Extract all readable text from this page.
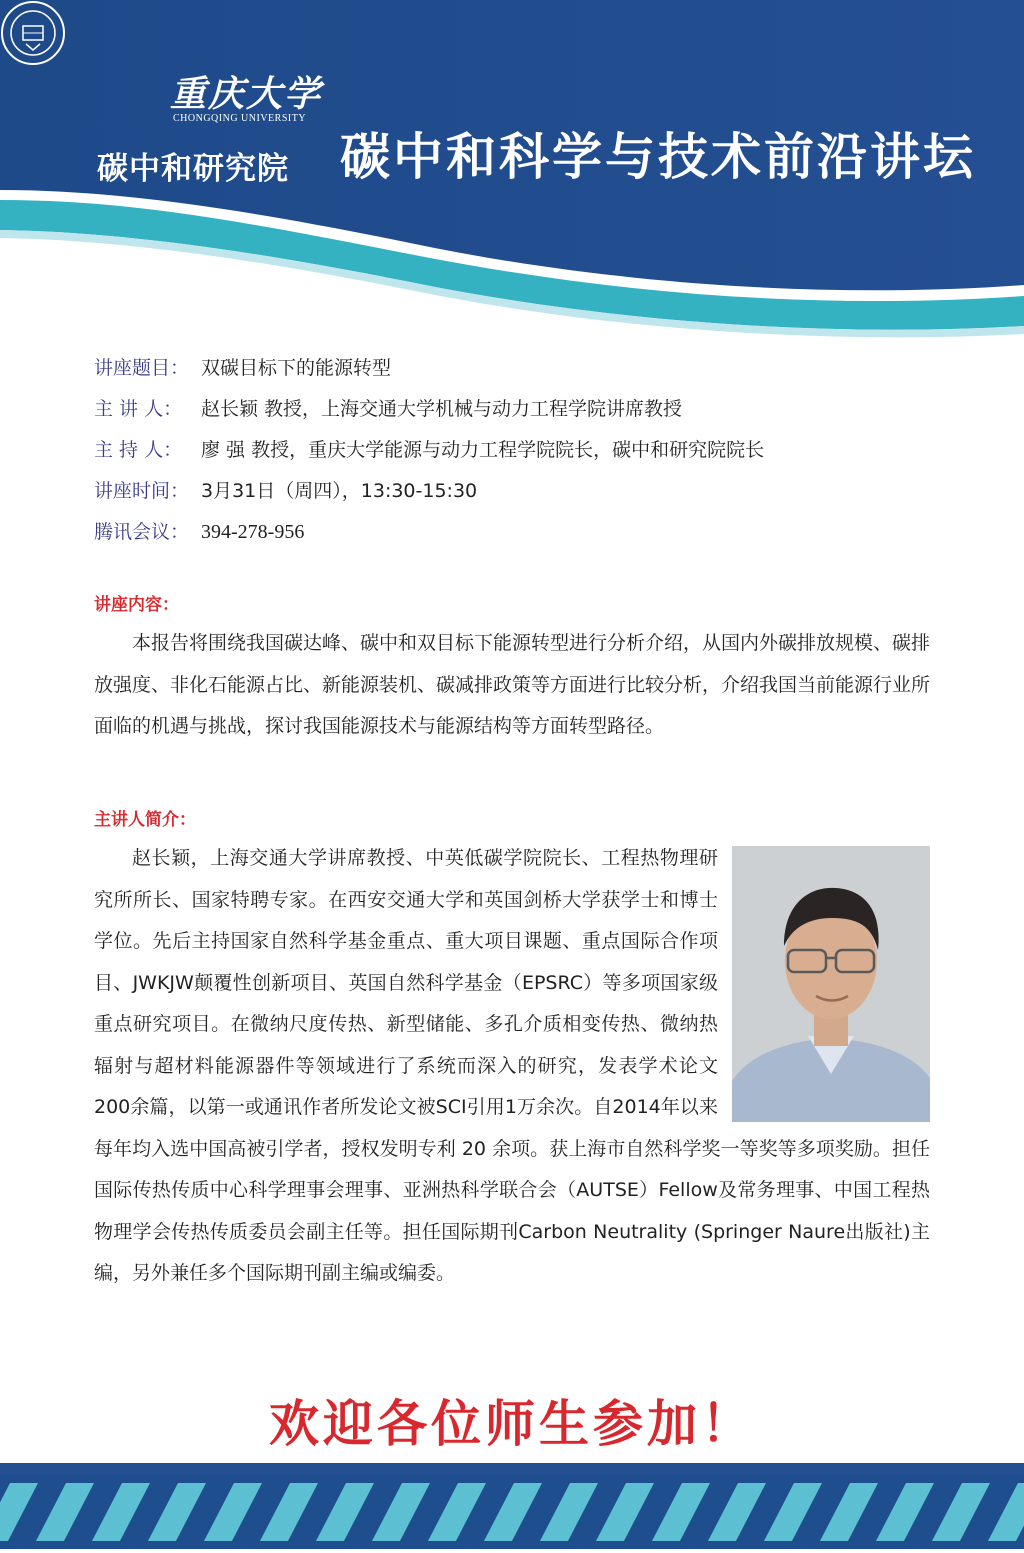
重庆大学
CHONGQING UNIVERSITY
碳中和研究院 碳中和科学与技术前沿讲坛
讲座题目： 双碳目标下的能源转型
主 讲 人： 赵长颖 教授，上海交通大学机械与动力工程学院讲席教授
主 持 人： 廖 强 教授，重庆大学能源与动力工程学院院长，碳中和研究院院长
讲座时间： 3月31日（周四），13:30-15:30
腾讯会议： 394-278-956
讲座内容：
本报告将围绕我国碳达峰、碳中和双目标下能源转型进行分析介绍，从国内外碳排放规模、碳排放强度、非化石能源占比、新能源装机、碳减排政策等方面进行比较分析，介绍我国当前能源行业所面临的机遇与挑战，探讨我国能源技术与能源结构等方面转型路径。
主讲人简介：
赵长颖，上海交通大学讲席教授、中英低碳学院院长、工程热物理研究所所长、国家特聘专家。在西安交通大学和英国剑桥大学获学士和博士学位。先后主持国家自然科学基金重点、重大项目课题、重点国际合作项目、JWKJW颠覆性创新项目、英国自然科学基金（EPSRC）等多项国家级重点研究项目。在微纳尺度传热、新型储能、多孔介质相变传热、微纳热辐射与超材料能源器件等领域进行了系统而深入的研究，发表学术论文200余篇，以第一或通讯作者所发论文被SCI引用1万余次。自2014年以来每年均入选中国高被引学者，授权发明专利 20 余项。获上海市自然科学奖一等奖等多项奖励。担任国际传热传质中心科学理事会理事、亚洲热科学联合会（AUTSE）Fellow及常务理事、中国工程热物理学会传热传质委员会副主任等。担任国际期刊Carbon Neutrality (Springer Naure出版社)主编，另外兼任多个国际期刊副主编或编委。
欢迎各位师生参加！
